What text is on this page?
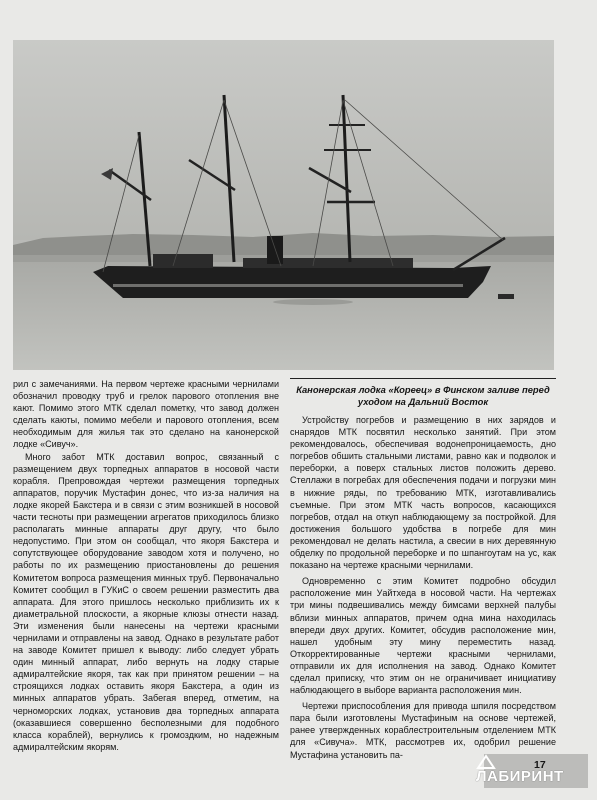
рил с замечаниями. На первом чертеже красными чернилами обозначил проводку труб и грелок парового отопления вне кают. Помимо этого МТК сделал пометку, что завод должен сделать каюты, помимо мебели и парового отопления, всем необходимым для жилья так это сделано на канонерской лодке «Сивуч».

Много забот МТК доставил вопрос, связанный с размещением двух торпедных аппаратов в носовой части корабля. Препровождая чертежи размещения торпедных аппаратов, поручик Мустафин донес, что из-за наличия на лодке якорей Бакстера и в связи с этим возникшей в носовой части тесноты при размещении агрегатов приходилось близко располагать минные аппараты друг другу, что было недопустимо. При этом он сообщал, что якоря Бакстера и сопутствующее оборудование заводом хотя и получено, но работы по их размещению приостановлены до решения Комитетом вопроса размещения минных труб. Первоначально Комитет сообщил в ГУКиС о своем решении разместить два аппарата. Для этого пришлось несколько приблизить их к диаметральной плоскости, а якорные клюзы отнести назад. Эти изменения были нанесены на чертежи красными чернилами и отправлены на завод. Однако в результате работ на заводе Комитет пришел к выводу: либо следует убрать один минный аппарат, либо вернуть на лодку старые адмиралтейские якоря, так как при принятом решении – на строящихся лодках оставить якоря Бакстера, а один из минных аппаратов убрать. Забегая вперед, отметим, на черноморских лодках, установив два торпедных аппарата (оказавшиеся совершенно бесполезными для подобного класса кораблей), вернулись к громоздким, но надежным адмиралтейским якорям.

Канонерская лодка «Кореец» в Финском заливе перед уходом на Дальний Восток

Устройству погребов и размещению в них зарядов и снарядов МТК посвятил несколько занятий. При этом рекомендовалось, обеспечивая водонепроницаемость, дно погребов обшить стальными листами, равно как и подволок и переборки, а поверх стальных листов положить дерево. Стеллажи в погребах для обеспечения подачи и погрузки мин в нижние ряды, по требованию МТК, изготавливались съемные. При этом МТК часть вопросов, касающихся погребов, отдал на откуп наблюдающему за постройкой. Для достижения большого удобства в погребе для мин рекомендовал не делать настила, а свесии в них деревянную обделку по продольной переборке и по шпангоутам на ус, как показано на чертеже красными чернилами.

Одновременно с этим Комитет подробно обсудил расположение мин Уайтхеда в носовой части. На чертежах три мины подвешивались между бимсами верхней палубы вблизи минных аппаратов, причем одна мина находилась впереди двух других. Комитет, обсудив расположение мин, нашел удобным эту мину переместить назад. Откорректированные чертежи красными чернилами, отправили их для исполнения на завод. Однако Комитет сделал приписку, что этим он не ограничивает инициативу наблюдающего в выборе варианта расположения мин.

Чертежи приспособления для привода шпиля посредством пара были изготовлены Мустафиным на основе чертежей, ранее утвержденных кораблестроительным отделением МТК для «Сивуча». МТК, рассмотрев их, одобрил решение Мустафина установить па-

17
ЛАБИРИНТ
